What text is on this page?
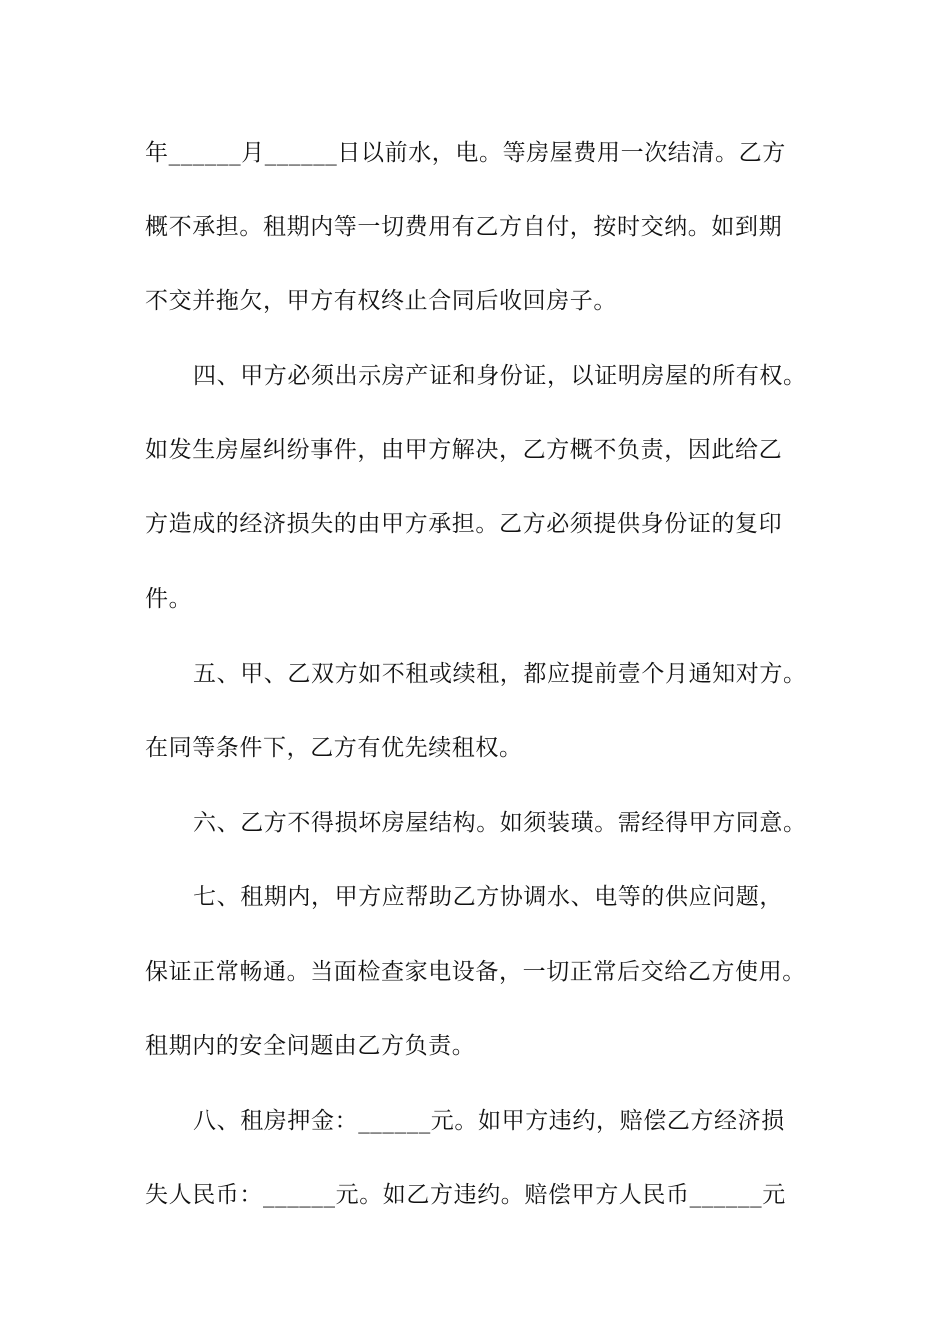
年______月______日以前水，电。等房屋费用一次结清。乙方
概不承担。租期内等一切费用有乙方自付，按时交纳。如到期
不交并拖欠，甲方有权终止合同后收回房子。
四、甲方必须出示房产证和身份证，以证明房屋的所有权。
如发生房屋纠纷事件，由甲方解决，乙方概不负责，因此给乙
方造成的经济损失的由甲方承担。乙方必须提供身份证的复印
件。
五、甲、乙双方如不租或续租，都应提前壹个月通知对方。
在同等条件下，乙方有优先续租权。
六、乙方不得损坏房屋结构。如须装璜。需经得甲方同意。
七、租期内，甲方应帮助乙方协调水、电等的供应问题，
保证正常畅通。当面检查家电设备，一切正常后交给乙方使用。
租期内的安全问题由乙方负责。
八、租房押金：______元。如甲方违约，赔偿乙方经济损
失人民币：______元。如乙方违约。赔偿甲方人民币______元
